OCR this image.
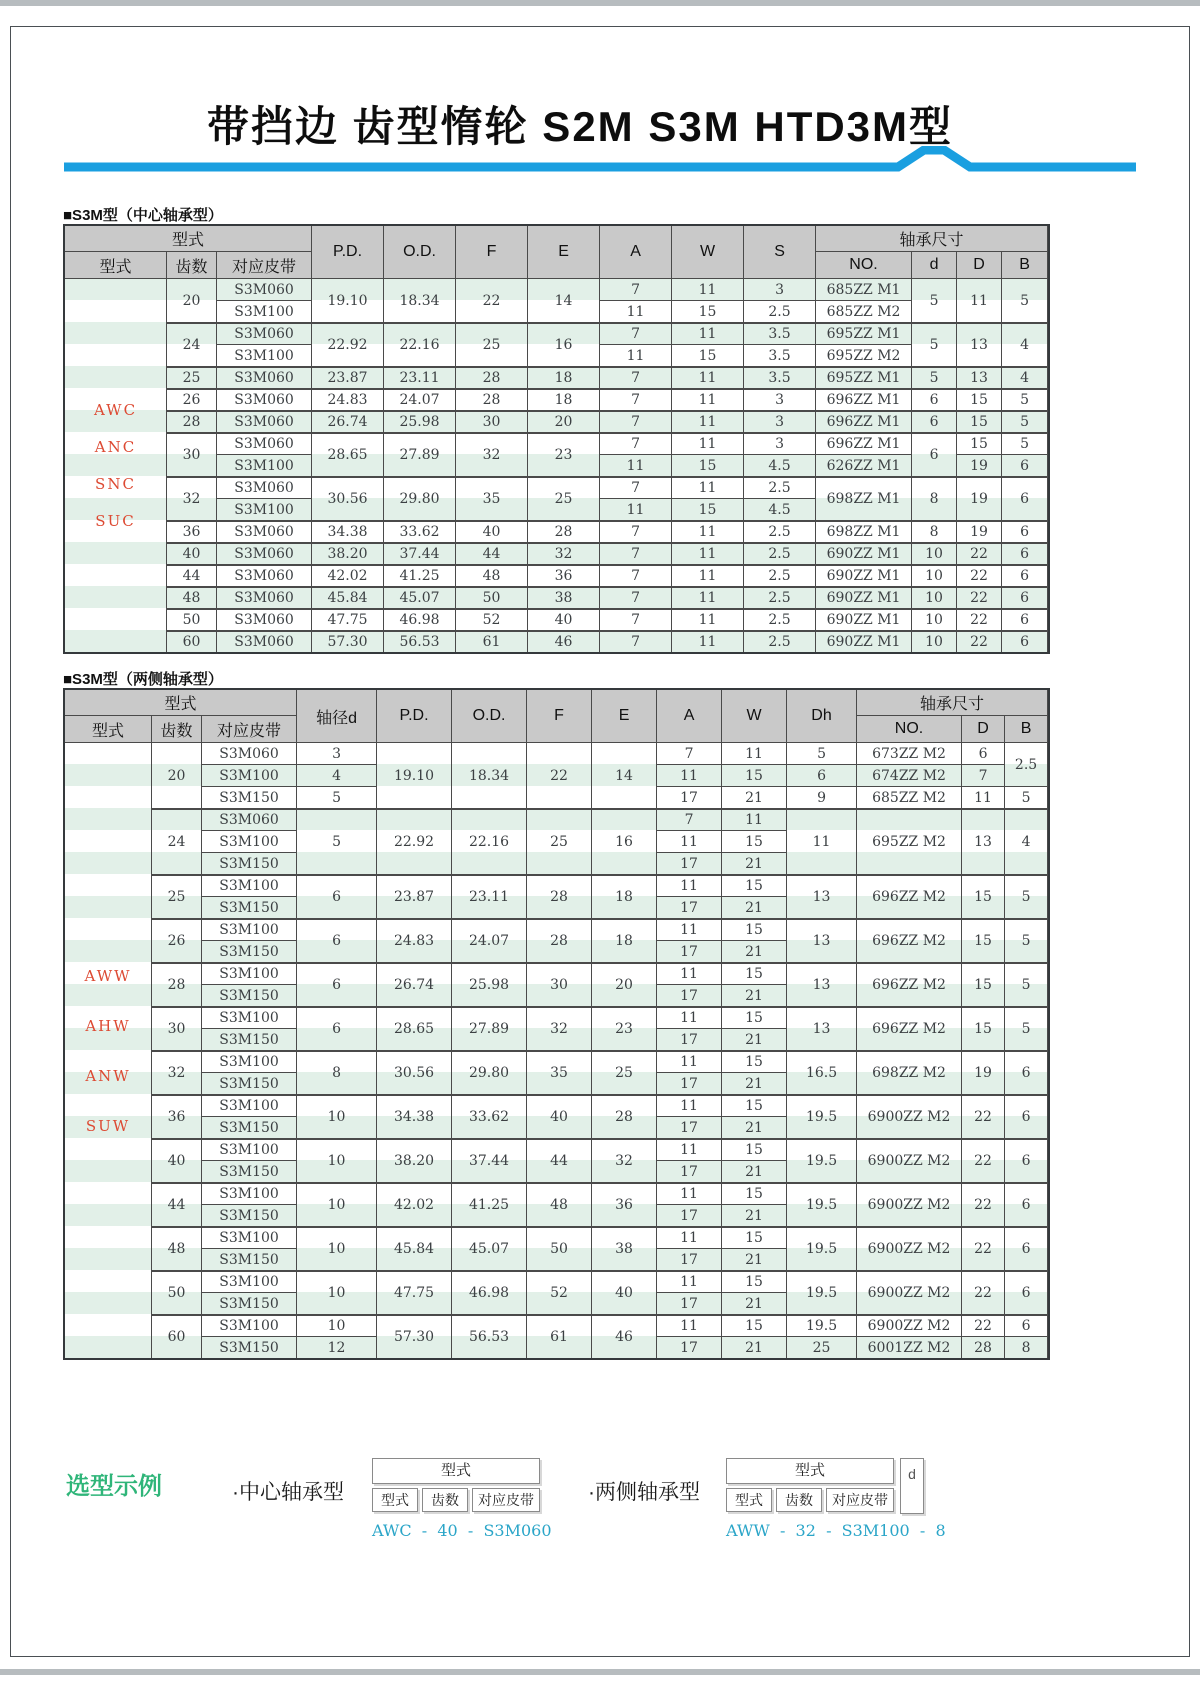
带挡边 齿型惰轮 S2M S3M HTD3M型
■S3M型（中心轴承型）
型式			P.D.	O.D.	F	E	A	W	S	轴承尺寸			
型式	齿数	对应皮带								NO.	d	D	B

AWC
ANC
SNC
SUC	20	S3M060	19.10	18.34	22	14	7	11	3	685ZZ M1	5	11	5
		S3M100					11	15	2.5	685ZZ M2			
	24	S3M060	22.92	22.16	25	16	7	11	3.5	695ZZ M1	5	13	4
		S3M100					11	15	3.5	695ZZ M2			
	25	S3M060	23.87	23.11	28	18	7	11	3.5	695ZZ M1	5	13	4
	26	S3M060	24.83	24.07	28	18	7	11	3	696ZZ M1	6	15	5
	28	S3M060	26.74	25.98	30	20	7	11	3	696ZZ M1	6	15	5
	30	S3M060	28.65	27.89	32	23	7	11	3	696ZZ M1	6	15	5
		S3M100					11	15	4.5	626ZZ M1		19	6
	32	S3M060	30.56	29.80	35	25	7	11	2.5	698ZZ M1	8	19	6
		S3M100					11	15	4.5				
	36	S3M060	34.38	33.62	40	28	7	11	2.5	698ZZ M1	8	19	6
	40	S3M060	38.20	37.44	44	32	7	11	2.5	690ZZ M1	10	22	6
	44	S3M060	42.02	41.25	48	36	7	11	2.5	690ZZ M1	10	22	6
	48	S3M060	45.84	45.07	50	38	7	11	2.5	690ZZ M1	10	22	6
	50	S3M060	47.75	46.98	52	40	7	11	2.5	690ZZ M1	10	22	6
	60	S3M060	57.30	56.53	61	46	7	11	2.5	690ZZ M1	10	22	6
■S3M型（两侧轴承型）
型式			轴径d	P.D.	O.D.	F	E	A	W	Dh	轴承尺寸		
型式	齿数	对应皮带									NO.	D	B

AWW
AHW
ANW
SUW	20	S3M060	3	19.10	18.34	22	14	7	11	5	673ZZ M2	6	2.5
		S3M100	4					11	15	6	674ZZ M2	7	
		S3M150	5					17	21	9	685ZZ M2	11	5
	24	S3M060	5	22.92	22.16	25	16	7	11	11	695ZZ M2	13	4
		S3M100						11	15				
		S3M150						17	21				
	25	S3M100	6	23.87	23.11	28	18	11	15	13	696ZZ M2	15	5
		S3M150						17	21				
	26	S3M100	6	24.83	24.07	28	18	11	15	13	696ZZ M2	15	5
		S3M150						17	21				
	28	S3M100	6	26.74	25.98	30	20	11	15	13	696ZZ M2	15	5
		S3M150						17	21				
	30	S3M100	6	28.65	27.89	32	23	11	15	13	696ZZ M2	15	5
		S3M150						17	21				
	32	S3M100	8	30.56	29.80	35	25	11	15	16.5	698ZZ M2	19	6
		S3M150						17	21				
	36	S3M100	10	34.38	33.62	40	28	11	15	19.5	6900ZZ M2	22	6
		S3M150						17	21				
	40	S3M100	10	38.20	37.44	44	32	11	15	19.5	6900ZZ M2	22	6
		S3M150						17	21				
	44	S3M100	10	42.02	41.25	48	36	11	15	19.5	6900ZZ M2	22	6
		S3M150						17	21				
	48	S3M100	10	45.84	45.07	50	38	11	15	19.5	6900ZZ M2	22	6
		S3M150						17	21				
	50	S3M100	10	47.75	46.98	52	40	11	15	19.5	6900ZZ M2	22	6
		S3M150						17	21				
	60	S3M100	10	57.30	56.53	61	46	11	15	19.5	6900ZZ M2	22	6
		S3M150	12					17	21	25	6001ZZ M2	28	8
选型示例	·中心轴承型
型式
型式	齿数	对应皮带
AWC  -  40  -  S3M060
·两侧轴承型
型式
型式	齿数	对应皮带
d
AWW  -  32  -  S3M100  -  8
